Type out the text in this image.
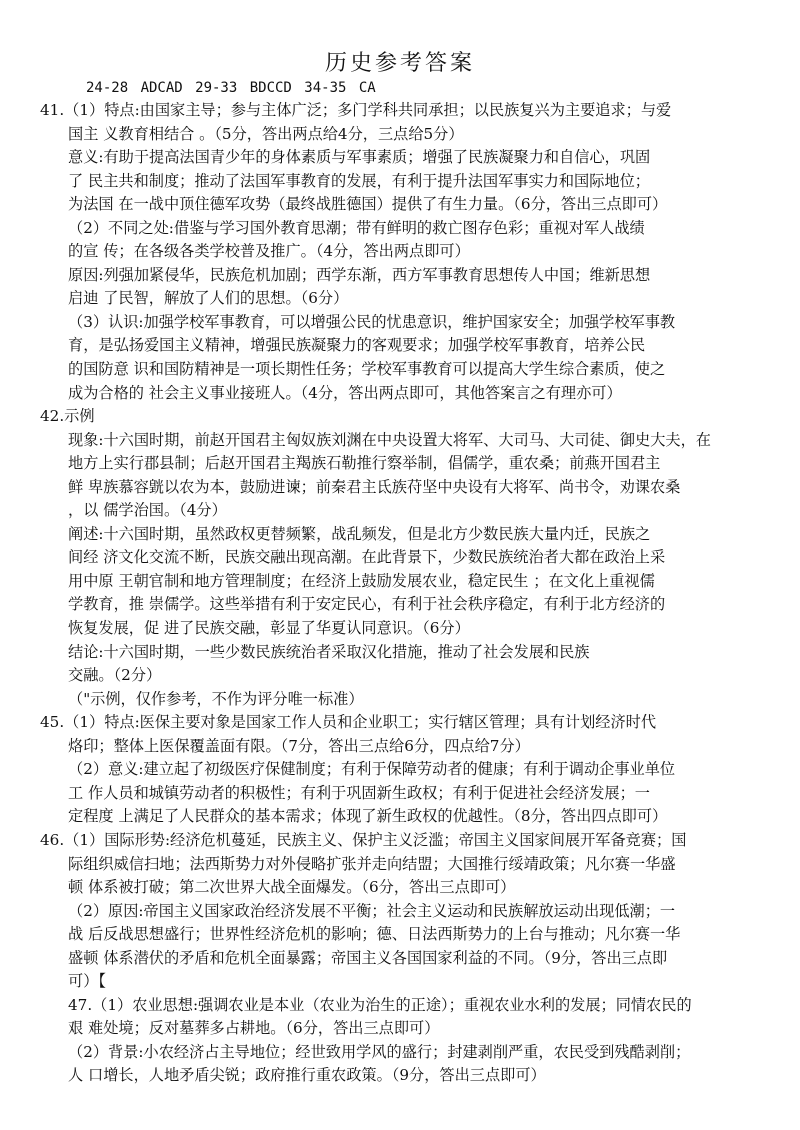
历史参考答案
24-28 ADCAD 29-33 BDCCD 34-35 CA
41.（1）特点:由国家主导；参与主体广泛；多门学科共同承担；以民族复兴为主要追求；与爱
国主 义教育相结合 。（5分，答出两点给4分，三点给5分）
意义:有助于提高法国青少年的身体素质与军事素质；增强了民族凝聚力和自信心，巩固
了 民主共和制度；推动了法国军事教育的发展，有利于提升法国军事实力和国际地位；
为法国 在一战中顶住德军攻势（最终战胜德国）提供了有生力量。（6分，答出三点即可）
（2）不同之处:借鉴与学习国外教育思潮；带有鲜明的救亡图存色彩；重视对军人战绩
的宣 传；在各级各类学校普及推广。（4分，答出两点即可）
原因:列强加紧侵华，民族危机加剧；西学东渐，西方军事教育思想传人中国；维新思想
启迪 了民智，解放了人们的思想。（6分）
（3）认识:加强学校军事教育，可以增强公民的忧患意识，维护国家安全；加强学校军事教
育，是弘扬爱国主义精神，增强民族凝聚力的客观要求；加强学校军事教育，培养公民
的国防意 识和国防精神是一项长期性任务；学校军事教育可以提高大学生综合素质，使之
成为合格的 社会主义事业接班人。（4分，答出两点即可，其他答案言之有理亦可）
42.示例
现象:十六国时期，前赵开国君主匈奴族刘渊在中央设置大将军、大司马、大司徒、御史大夫，在
地方上实行郡县制；后赵开国君主羯族石勒推行察举制，倡儒学，重农桑；前燕开国君主
鲜 卑族慕容皝以农为本，鼓励进谏；前秦君主氐族苻坚中央设有大将军、尚书令，劝课农桑
，以 儒学治国。（4分）
阐述:十六国时期，虽然政权更替频繁，战乱频发，但是北方少数民族大量内迁，民族之
间经 济文化交流不断，民族交融出现高潮。在此背景下，少数民族统治者大都在政治上采
用中原 王朝官制和地方管理制度；在经济上鼓励发展农业，稳定民生 ；在文化上重视儒
学教育，推 崇儒学。这些举措有利于安定民心，有利于社会秩序稳定，有利于北方经济的
恢复发展，促 进了民族交融，彰显了华夏认同意识。（6分）
结论:十六国时期，一些少数民族统治者采取汉化措施，推动了社会发展和民族
交融。（2分）
（"示例，仅作参考，不作为评分唯一标准）
45.（1）特点:医保主要对象是国家工作人员和企业职工；实行辖区管理；具有计划经济时代
烙印；整体上医保覆盖面有限。（7分，答出三点给6分，四点给7分）
（2）意义:建立起了初级医疗保健制度；有利于保障劳动者的健康；有利于调动企事业单位
工 作人员和城镇劳动者的积极性；有利于巩固新生政权；有利于促进社会经济发展；一
定程度 上满足了人民群众的基本需求；体现了新生政权的优越性。（8分，答出四点即可）
46.（1）国际形势:经济危机蔓延，民族主义、保护主义泛滥；帝国主义国家间展开军备竞赛；国
际组织威信扫地；法西斯势力对外侵略扩张并走向结盟；大国推行绥靖政策；凡尔赛一华盛
顿 体系被打破；第二次世界大战全面爆发。（6分，答出三点即可）
（2）原因:帝国主义国家政治经济发展不平衡；社会主义运动和民族解放运动出现低潮；一
战 后反战思想盛行；世界性经济危机的影响；德、日法西斯势力的上台与推动；凡尔赛一华
盛顿 体系潜伏的矛盾和危机全面暴露；帝国主义各国国家利益的不同。（9分，答出三点即
可）【
47.（1）农业思想:强调农业是本业（农业为治生的正途）；重视农业水利的发展；同情农民的
艰 难处境；反对墓葬多占耕地。（6分，答出三点即可）
（2）背景:小农经济占主导地位；经世致用学风的盛行；封建剥削严重，农民受到残酷剥削；
人 口增长，人地矛盾尖锐；政府推行重农政策。（9分，答出三点即可）
